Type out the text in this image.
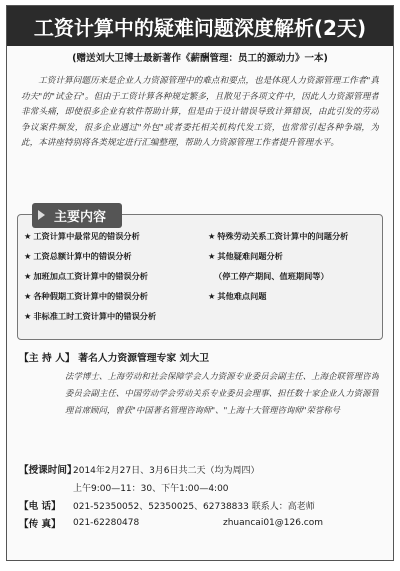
工资计算中的疑难问题深度解析(2天)
(赠送刘大卫博士最新著作《薪酬管理：员工的源动力》一本)
工资计算问题历来是企业人力资源管理中的难点和要点，也是体现人力资源管理工作者"真功夫"的"试金石"。但由于工资计算各种规定繁多，且散见于各项文件中，因此人力资源管理者非常头痛，即使很多企业有软件帮助计算，但是由于设计错误导致计算错误，由此引发的劳动争议案件频发，很多企业遇过"外包"或者委托相关机构代发工资，也常常引起各种争端，为此，本讲座特别将各类规定进行汇编整理，帮助人力资源管理工作者提升管理水平。
主要内容
★ 工资计算中最常见的错误分析
★ 工资总额计算中的错误分析
★ 加班加点工资计算中的错误分析
★ 各种假期工资计算中的错误分析
★ 非标准工时工资计算中的错误分析
★ 特殊劳动关系工资计算中的问题分析
★ 其他疑难问题分析
（停工停产期间、值班期间等）
★ 其他难点问题
【主 持 人】 著名人力资源管理专家 刘大卫
法学博士、上海劳动和社会保障学会人力资源专业委员会副主任、上海企联管理咨询委员会副主任、中国劳动学会劳动关系专业委员会理事、担任数十家企业人力资源管理首席顾问，曾获"中国著名管理咨询师"、"上海十大管理咨询师"荣誉称号
【授课时间】
2014年2月27日、3月6日共二天（均为周四）
上午9:00—11：30、下午1:00—4:00
【电 话】	021-52350052、52350025、62738833 联系人：高老师
【传 真】	021-62280478	zhuancai01@126.com
